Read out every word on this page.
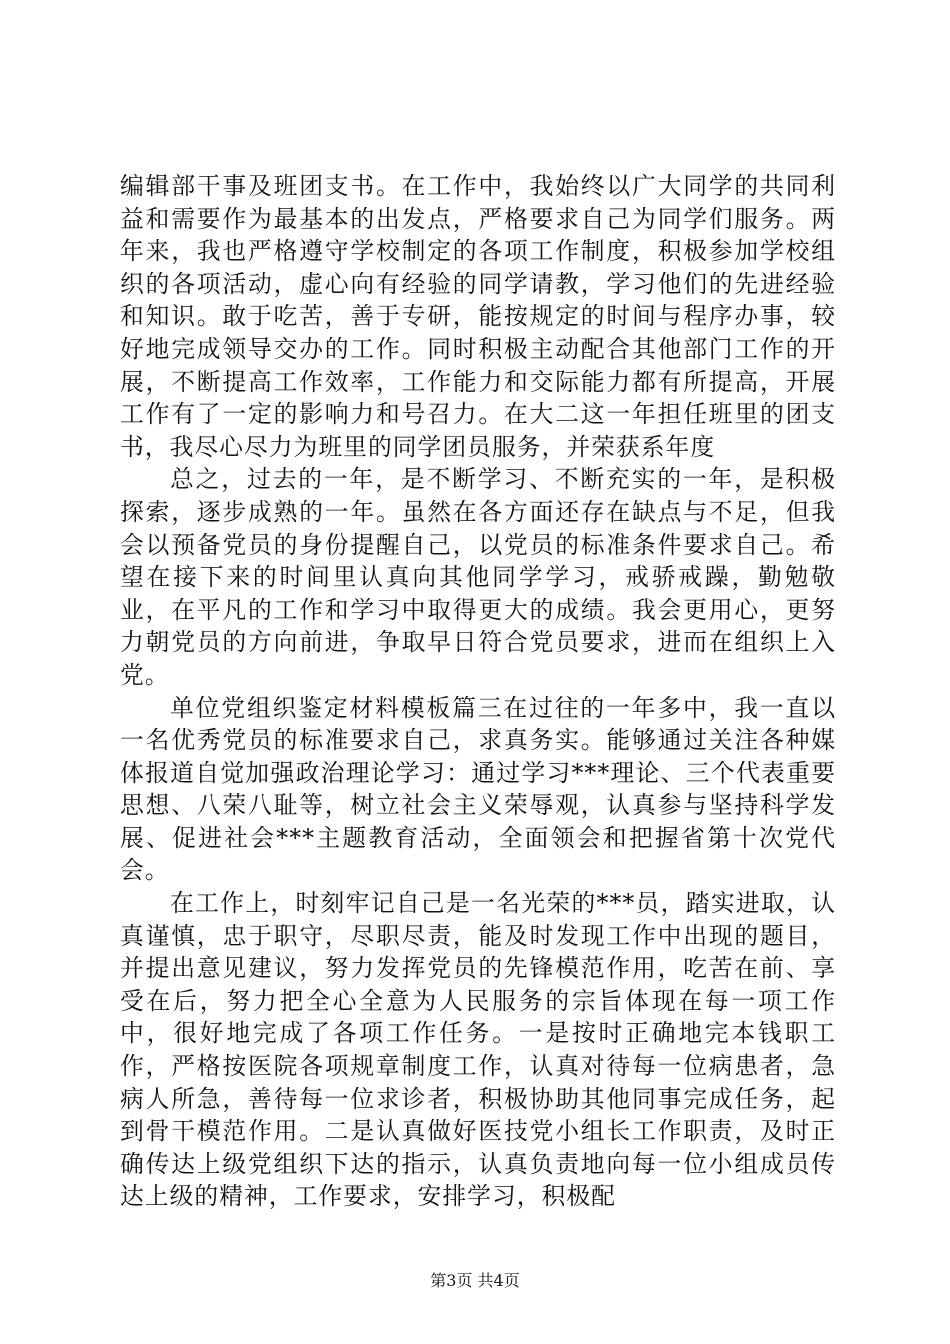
编辑部干事及班团支书。在工作中，我始终以广大同学的共同利益和需要作为最基本的出发点，严格要求自己为同学们服务。两年来，我也严格遵守学校制定的各项工作制度，积极参加学校组织的各项活动，虚心向有经验的同学请教，学习他们的先进经验和知识。敢于吃苦，善于专研，能按规定的时间与程序办事，较好地完成领导交办的工作。同时积极主动配合其他部门工作的开展，不断提高工作效率，工作能力和交际能力都有所提高，开展工作有了一定的影响力和号召力。在大二这一年担任班里的团支书，我尽心尽力为班里的同学团员服务，并荣获系年度

总之，过去的一年，是不断学习、不断充实的一年，是积极探索，逐步成熟的一年。虽然在各方面还存在缺点与不足，但我会以预备党员的身份提醒自己，以党员的标准条件要求自己。希望在接下来的时间里认真向其他同学学习，戒骄戒躁，勤勉敬业，在平凡的工作和学习中取得更大的成绩。我会更用心，更努力朝党员的方向前进，争取早日符合党员要求，进而在组织上入党。

单位党组织鉴定材料模板篇三在过往的一年多中，我一直以一名优秀党员的标准要求自己，求真务实。能够通过关注各种媒体报道自觉加强政治理论学习：通过学习***理论、三个代表重要思想、八荣八耻等，树立社会主义荣辱观，认真参与坚持科学发展、促进社会***主题教育活动，全面领会和把握省第十次党代会。

在工作上，时刻牢记自己是一名光荣的***员，踏实进取，认真谨慎，忠于职守，尽职尽责，能及时发现工作中出现的题目，并提出意见建议，努力发挥党员的先锋模范作用，吃苦在前、享受在后，努力把全心全意为人民服务的宗旨体现在每一项工作中，很好地完成了各项工作任务。一是按时正确地完本钱职工作，严格按医院各项规章制度工作，认真对待每一位病患者，急病人所急，善待每一位求诊者，积极协助其他同事完成任务，起到骨干模范作用。二是认真做好医技党小组长工作职责，及时正确传达上级党组织下达的指示，认真负责地向每一位小组成员传达上级的精神，工作要求，安排学习，积极配

第3页 共4页
